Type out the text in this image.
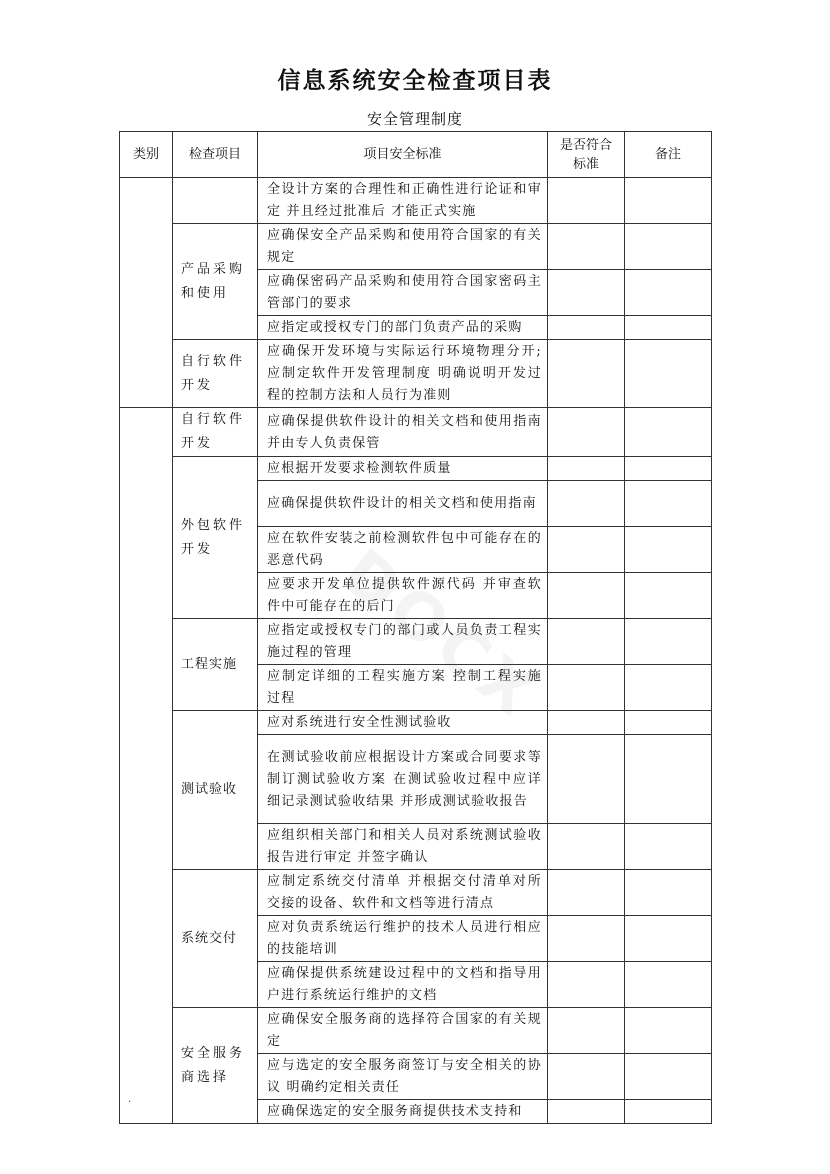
信息系统安全检查项目表
安全管理制度
类别	检查项目	项目安全标准	是否符合标准	备注
		全设计方案的合理性和正确性进行论证和审定 并且经过批准后 才能正式实施		
	产品采购和使用	应确保安全产品采购和使用符合国家的有关规定		
		应确保密码产品采购和使用符合国家密码主管部门的要求		
		应指定或授权专门的部门负责产品的采购		
	自行软件开发	应确保开发环境与实际运行环境物理分开; 应制定软件开发管理制度 明确说明开发过程的控制方法和人员行为准则		
	自行软件开发	应确保提供软件设计的相关文档和使用指南 并由专人负责保管		
	外包软件开发	应根据开发要求检测软件质量		
		应确保提供软件设计的相关文档和使用指南		
		应在软件安装之前检测软件包中可能存在的恶意代码		
		应要求开发单位提供软件源代码 并审查软件中可能存在的后门		
	工程实施	应指定或授权专门的部门或人员负责工程实施过程的管理		
		应制定详细的工程实施方案 控制工程实施过程		
	测试验收	应对系统进行安全性测试验收		
		在测试验收前应根据设计方案或合同要求等制订测试验收方案 在测试验收过程中应详细记录测试验收结果 并形成测试验收报告		
		应组织相关部门和相关人员对系统测试验收报告进行审定 并签字确认		
	系统交付	应制定系统交付清单 并根据交付清单对所交接的设备、软件和文档等进行清点		
		应对负责系统运行维护的技术人员进行相应的技能培训		
		应确保提供系统建设过程中的文档和指导用户进行系统运行维护的文档		
	安全服务商选择	应确保安全服务商的选择符合国家的有关规定		
		应与选定的安全服务商签订与安全相关的协议 明确约定相关责任		
		应确保选定的安全服务商提供技术支持和		
.	.
